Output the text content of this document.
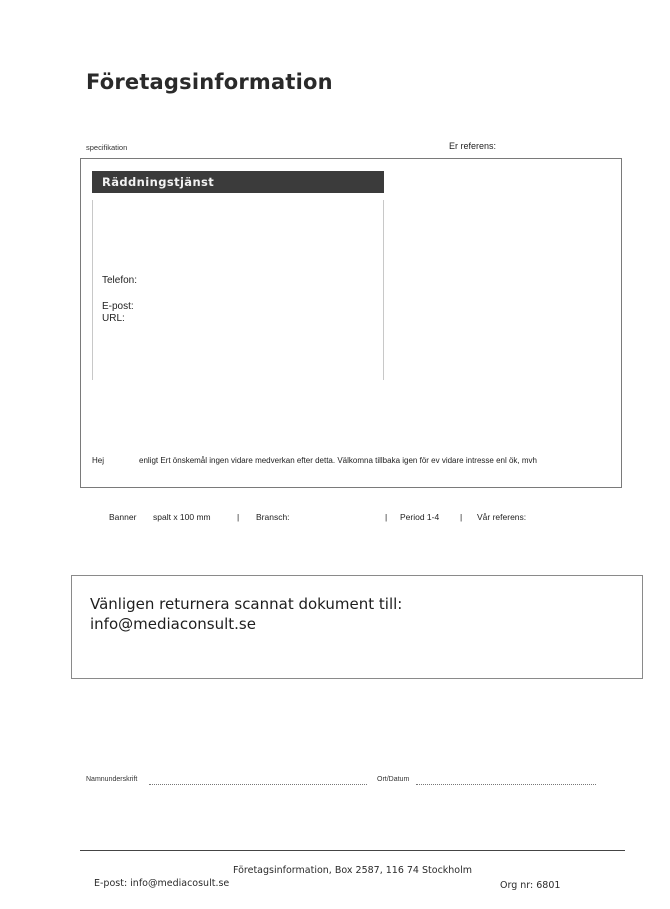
Företagsinformation
specifikation	Er referens:
Räddningstjänst
Telefon:
E-post:
URL:
Hej	enligt Ert önskemål ingen vidare medverkan efter detta. Välkomna tillbaka igen för ev vidare intresse enl ök, mvh
Banner spalt x 100 mm	| Bransch:	| Period 1-4 | Vår referens:
Vänligen returnera scannat dokument till:
info@mediaconsult.se
Namnunderskrift	Ort/Datum
Företagsinformation, Box 2587, 116 74 Stockholm
E-post: info@mediacosult.se	Org nr: 6801
